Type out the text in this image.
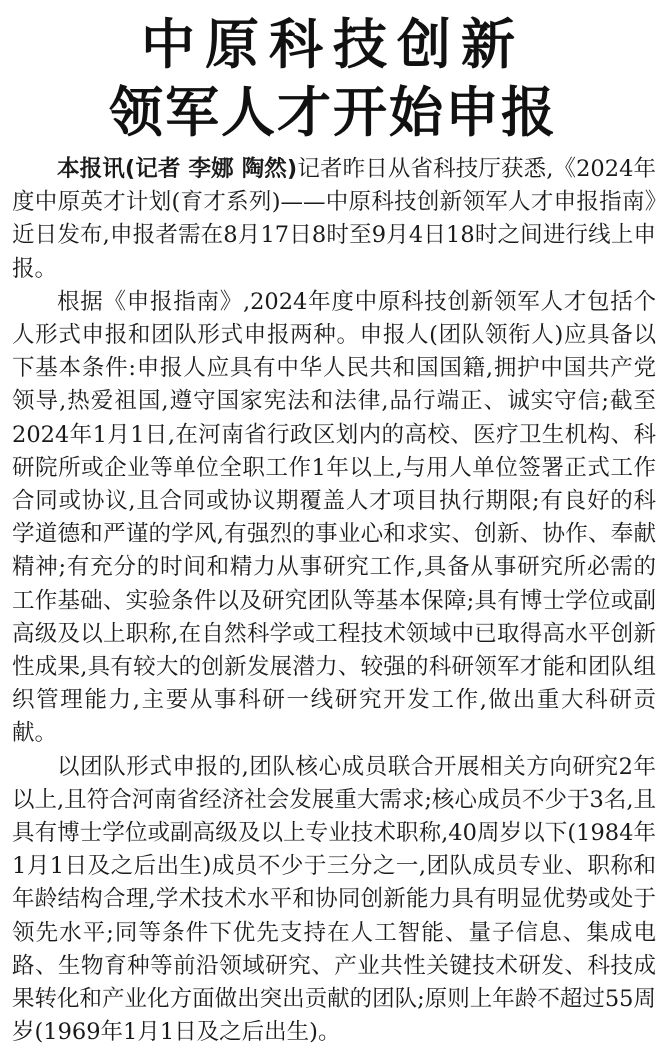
中原科技创新
领军人才开始申报

本报讯(记者 李娜 陶然)记者昨日从省科技厅获悉,《2024年度中原英才计划(育才系列)——中原科技创新领军人才申报指南》近日发布,申报者需在8月17日8时至9月4日18时之间进行线上申报。

根据《申报指南》,2024年度中原科技创新领军人才包括个人形式申报和团队形式申报两种。申报人(团队领衔人)应具备以下基本条件:申报人应具有中华人民共和国国籍,拥护中国共产党领导,热爱祖国,遵守国家宪法和法律,品行端正、诚实守信;截至2024年1月1日,在河南省行政区划内的高校、医疗卫生机构、科研院所或企业等单位全职工作1年以上,与用人单位签署正式工作合同或协议,且合同或协议期覆盖人才项目执行期限;有良好的科学道德和严谨的学风,有强烈的事业心和求实、创新、协作、奉献精神;有充分的时间和精力从事研究工作,具备从事研究所必需的工作基础、实验条件以及研究团队等基本保障;具有博士学位或副高级及以上职称,在自然科学或工程技术领域中已取得高水平创新性成果,具有较大的创新发展潜力、较强的科研领军才能和团队组织管理能力,主要从事科研一线研究开发工作,做出重大科研贡献。

以团队形式申报的,团队核心成员联合开展相关方向研究2年以上,且符合河南省经济社会发展重大需求;核心成员不少于3名,且具有博士学位或副高级及以上专业技术职称,40周岁以下(1984年1月1日及之后出生)成员不少于三分之一,团队成员专业、职称和年龄结构合理,学术技术水平和协同创新能力具有明显优势或处于领先水平;同等条件下优先支持在人工智能、量子信息、集成电路、生物育种等前沿领域研究、产业共性关键技术研发、科技成果转化和产业化方面做出突出贡献的团队;原则上年龄不超过55周岁(1969年1月1日及之后出生)。
